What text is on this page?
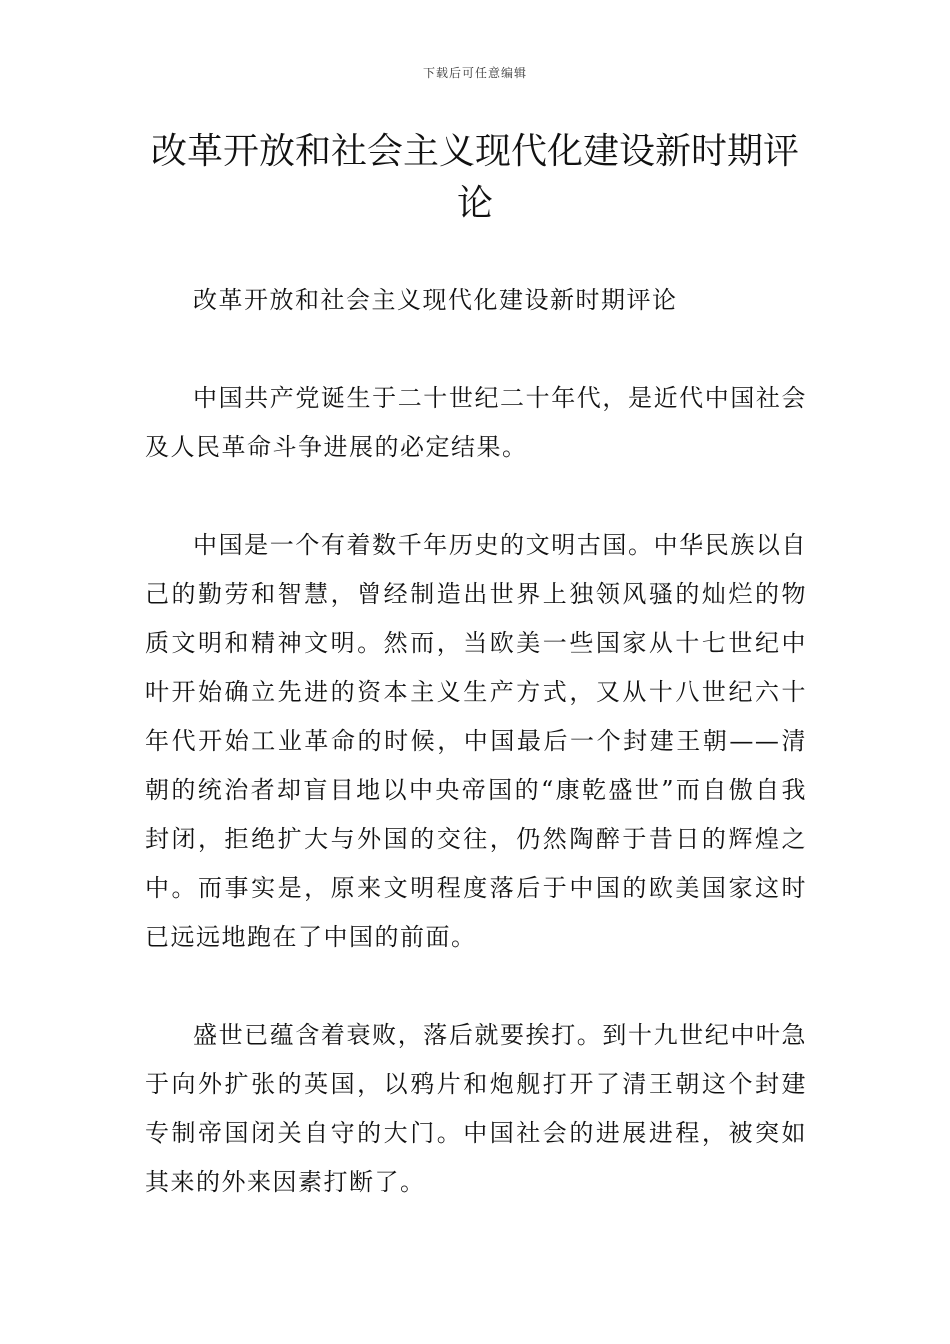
下载后可任意编辑
改革开放和社会主义现代化建设新时期评论

改革开放和社会主义现代化建设新时期评论

中国共产党诞生于二十世纪二十年代，是近代中国社会及人民革命斗争进展的必定结果。

中国是一个有着数千年历史的文明古国。中华民族以自己的勤劳和智慧，曾经制造出世界上独领风骚的灿烂的物质文明和精神文明。然而，当欧美一些国家从十七世纪中叶开始确立先进的资本主义生产方式，又从十八世纪六十年代开始工业革命的时候，中国最后一个封建王朝——清朝的统治者却盲目地以中央帝国的“康乾盛世”而自傲自我封闭，拒绝扩大与外国的交往，仍然陶醉于昔日的辉煌之中。而事实是，原来文明程度落后于中国的欧美国家这时已远远地跑在了中国的前面。

盛世已蕴含着衰败，落后就要挨打。到十九世纪中叶急于向外扩张的英国，以鸦片和炮舰打开了清王朝这个封建专制帝国闭关自守的大门。中国社会的进展进程，被突如其来的外来因素打断了。
